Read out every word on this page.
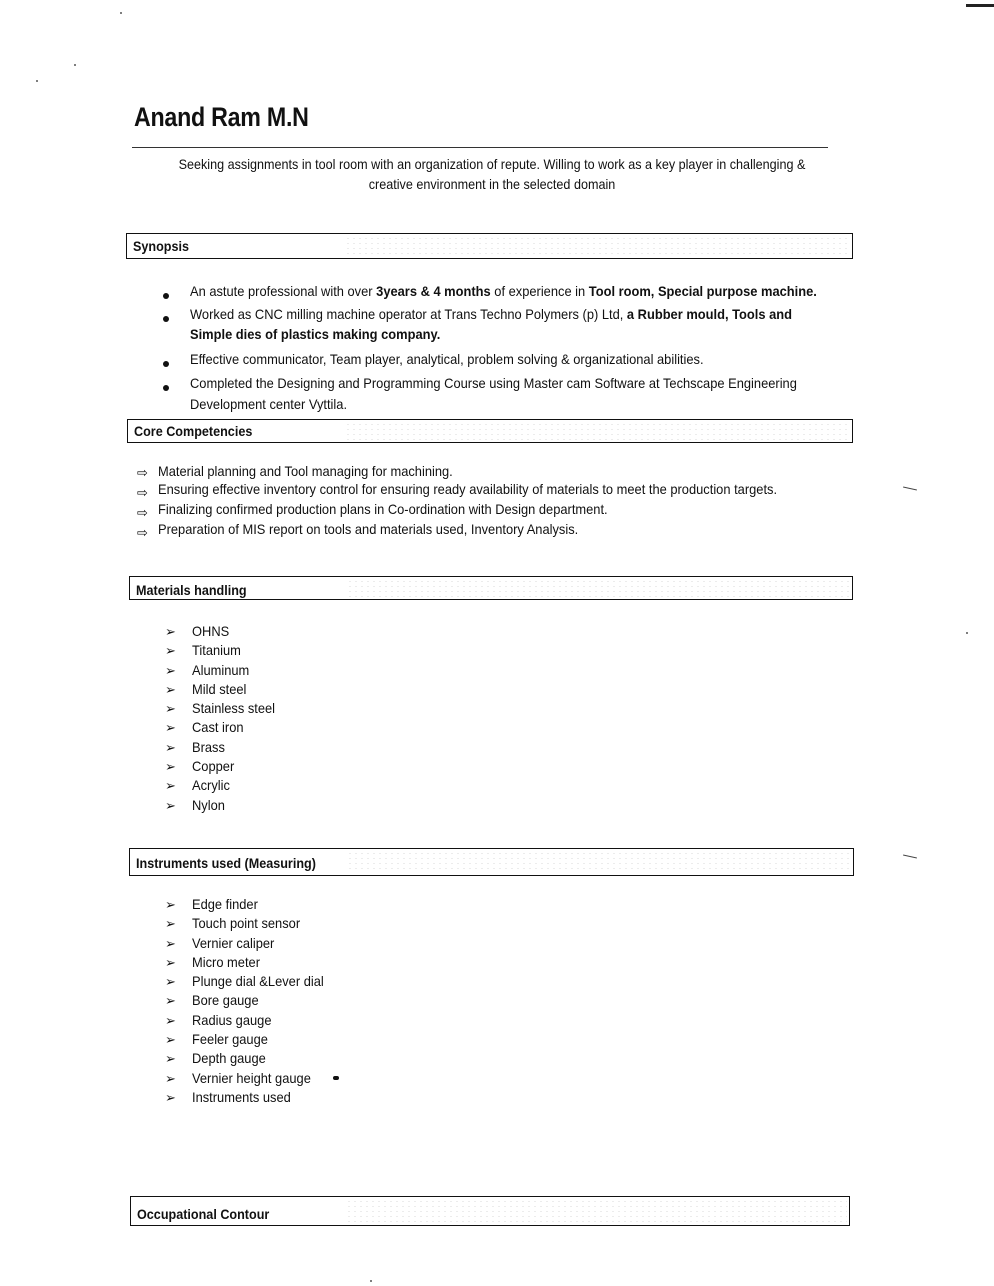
Anand Ram M.N
Seeking assignments in tool room with an organization of repute. Willing to work as a key player in challenging &
creative environment in the selected domain
Synopsis
An astute professional with over 3years & 4 months of experience in Tool room, Special purpose machine.
Worked as CNC milling machine operator at Trans Techno Polymers (p) Ltd, a Rubber mould, Tools and
Simple dies of plastics making company.
Effective communicator, Team player, analytical, problem solving & organizational abilities.
Completed the Designing and Programming Course using Master cam Software at Techscape Engineering
Development center Vyttila.
Core Competencies
⇨ Material planning and Tool managing for machining.
⇨ Ensuring effective inventory control for ensuring ready availability of materials to meet the production targets.
⇨ Finalizing confirmed production plans in Co-ordination with Design department.
⇨ Preparation of MIS report on tools and materials used, Inventory Analysis.
Materials handling
➢ OHNS
➢ Titanium
➢ Aluminum
➢ Mild steel
➢ Stainless steel
➢ Cast iron
➢ Brass
➢ Copper
➢ Acrylic
➢ Nylon
Instruments used (Measuring)
➢ Edge finder
➢ Touch point sensor
➢ Vernier caliper
➢ Micro meter
➢ Plunge dial &Lever dial
➢ Bore gauge
➢ Radius gauge
➢ Feeler gauge
➢ Depth gauge
➢ Vernier height gauge
➢ Instruments used
Occupational Contour
